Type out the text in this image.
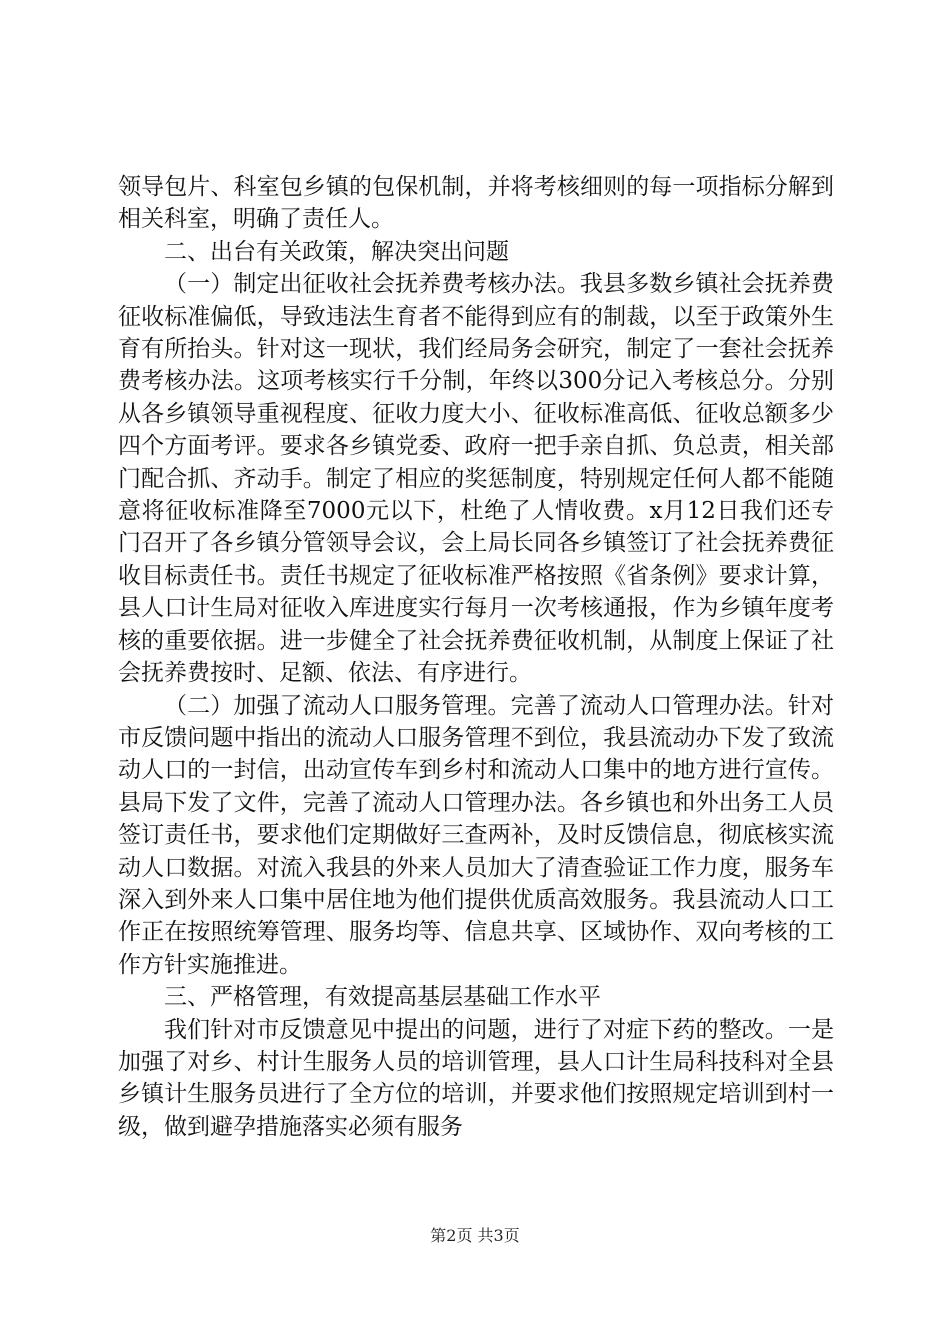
领导包片、科室包乡镇的包保机制，并将考核细则的每一项指标分解到相关科室，明确了责任人。

二、出台有关政策，解决突出问题

（一）制定出征收社会抚养费考核办法。我县多数乡镇社会抚养费征收标准偏低，导致违法生育者不能得到应有的制裁，以至于政策外生育有所抬头。针对这一现状，我们经局务会研究，制定了一套社会抚养费考核办法。这项考核实行千分制，年终以300分记入考核总分。分别从各乡镇领导重视程度、征收力度大小、征收标准高低、征收总额多少四个方面考评。要求各乡镇党委、政府一把手亲自抓、负总责，相关部门配合抓、齐动手。制定了相应的奖惩制度，特别规定任何人都不能随意将征收标准降至7000元以下，杜绝了人情收费。x月12日我们还专门召开了各乡镇分管领导会议，会上局长同各乡镇签订了社会抚养费征收目标责任书。责任书规定了征收标准严格按照《省条例》要求计算，县人口计生局对征收入库进度实行每月一次考核通报，作为乡镇年度考核的重要依据。进一步健全了社会抚养费征收机制，从制度上保证了社会抚养费按时、足额、依法、有序进行。

（二）加强了流动人口服务管理。完善了流动人口管理办法。针对市反馈问题中指出的流动人口服务管理不到位，我县流动办下发了致流动人口的一封信，出动宣传车到乡村和流动人口集中的地方进行宣传。县局下发了文件，完善了流动人口管理办法。各乡镇也和外出务工人员签订责任书，要求他们定期做好三查两补，及时反馈信息，彻底核实流动人口数据。对流入我县的外来人员加大了清查验证工作力度，服务车深入到外来人口集中居住地为他们提供优质高效服务。我县流动人口工作正在按照统筹管理、服务均等、信息共享、区域协作、双向考核的工作方针实施推进。

三、严格管理，有效提高基层基础工作水平

我们针对市反馈意见中提出的问题，进行了对症下药的整改。一是加强了对乡、村计生服务人员的培训管理，县人口计生局科技科对全县乡镇计生服务员进行了全方位的培训，并要求他们按照规定培训到村一级，做到避孕措施落实必须有服务

第2页 共3页
